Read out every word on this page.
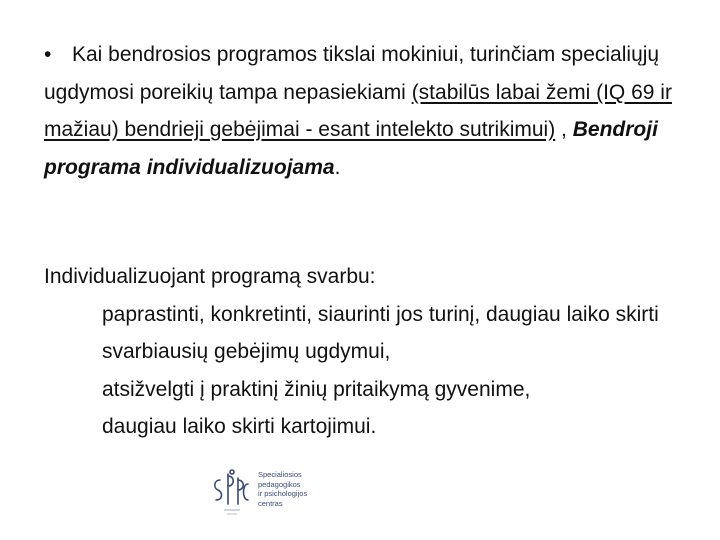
• Kai bendrosios programos tikslai mokiniui, turinčiam specialiųjų ugdymosi poreikių tampa nepasiekiami (stabilūs labai žemi (IQ 69 ir mažiau) bendrieji gebėjimai - esant intelekto sutrikimui) , Bendroji programa individualizuojama.
Individualizuojant programą svarbu:
paprastinti, konkretinti, siaurinti jos turinį, daugiau laiko skirti svarbiausių gebėjimų ugdymui,
atsižvelgti į praktinį žinių pritaikymą gyvenime,
daugiau laiko skirti kartojimui.
Specialiosios
pedagogikos
ir psichologijos
centras
